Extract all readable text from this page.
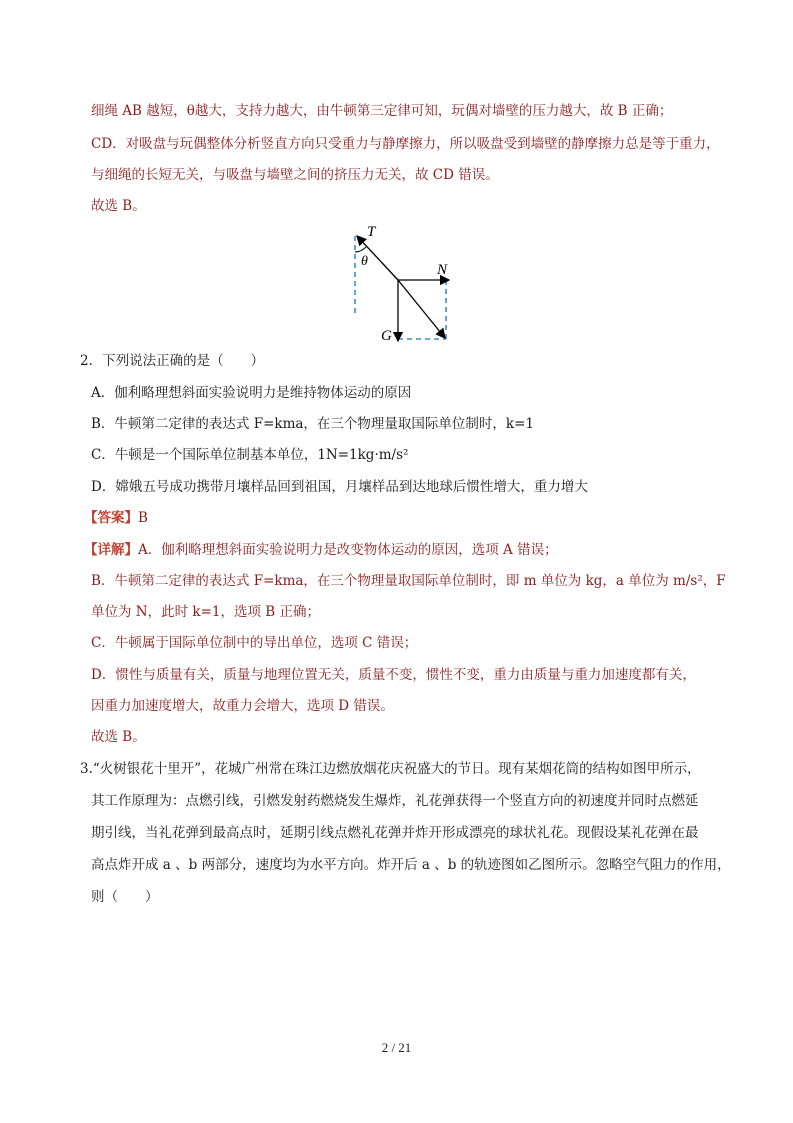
细绳 AB 越短，θ越大，支持力越大，由牛顿第三定律可知，玩偶对墙壁的压力越大，故 B 正确；
CD．对吸盘与玩偶整体分析竖直方向只受重力与静摩擦力，所以吸盘受到墙壁的静摩擦力总是等于重力，
与细绳的长短无关，与吸盘与墙壁之间的挤压力无关，故 CD 错误。
故选 B。
T
θ
N
G
2．下列说法正确的是（　　）
A．伽利略理想斜面实验说明力是维持物体运动的原因
B．牛顿第二定律的表达式 F=kma，在三个物理量取国际单位制时，k=1
C．牛顿是一个国际单位制基本单位，1N=1kg·m/s²
D．嫦娥五号成功携带月壤样品回到祖国，月壤样品到达地球后惯性增大，重力增大
【答案】B
【详解】A．伽利略理想斜面实验说明力是改变物体运动的原因，选项 A 错误；
B．牛顿第二定律的表达式 F=kma，在三个物理量取国际单位制时，即 m 单位为 kg，a 单位为 m/s²，F
单位为 N，此时 k=1，选项 B 正确；
C．牛顿属于国际单位制中的导出单位，选项 C 错误；
D．惯性与质量有关，质量与地理位置无关，质量不变，惯性不变，重力由质量与重力加速度都有关，
因重力加速度增大，故重力会增大，选项 D 错误。
故选 B。
3.“火树银花十里开”，花城广州常在珠江边燃放烟花庆祝盛大的节日。现有某烟花筒的结构如图甲所示，
其工作原理为：点燃引线，引燃发射药燃烧发生爆炸，礼花弹获得一个竖直方向的初速度并同时点燃延
期引线，当礼花弹到最高点时，延期引线点燃礼花弹并炸开形成漂亮的球状礼花。现假设某礼花弹在最
高点炸开成 a 、b 两部分，速度均为水平方向。炸开后 a 、b 的轨迹图如乙图所示。忽略空气阻力的作用，
则（　　）
2 / 21
